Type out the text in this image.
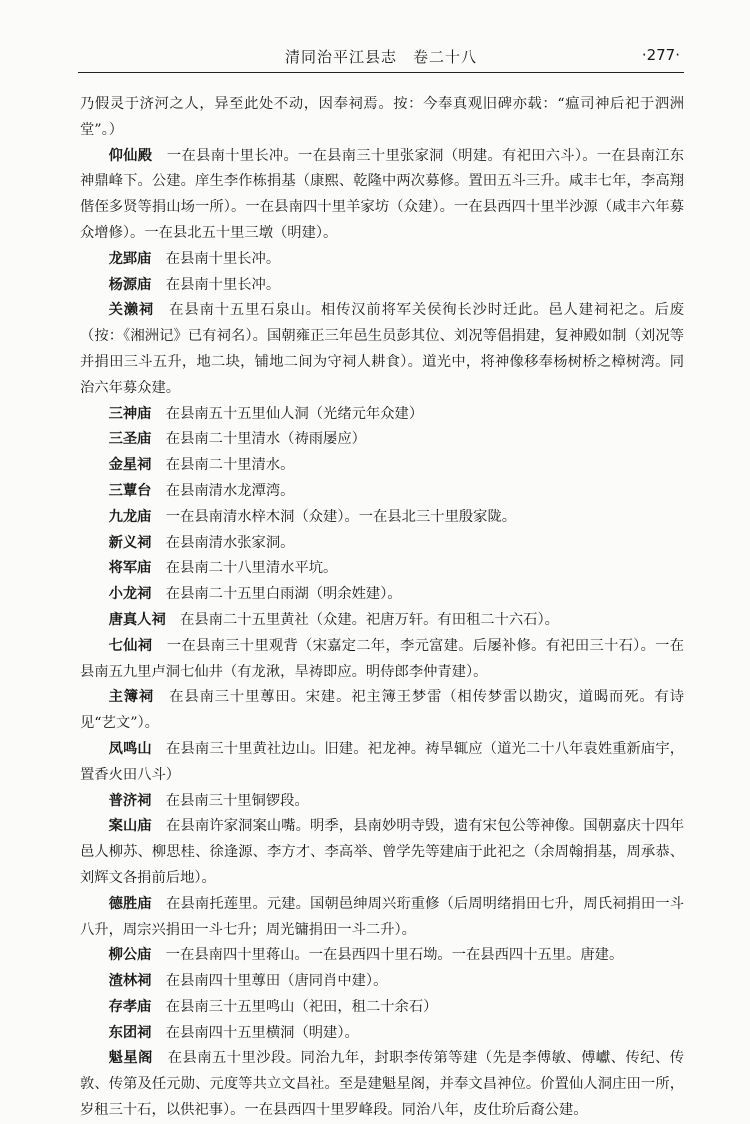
清同治平江县志　卷二十八	·277·

乃假灵于济河之人，异至此处不动，因奉祠焉。按：今奉真观旧碑亦载：“瘟司神后祀于泗洲堂”。）

仰仙殿　 一在县南十里长冲。一在县南三十里张家洞（明建。有祀田六斗）。一在县南江东神鼎峰下。公建。庠生李作栋捐基（康熙、乾隆中两次募修。置田五斗三升。咸丰七年，李高翔偕侄多贤等捐山场一所）。一在县南四十里羊家坊（众建）。一在县西四十里半沙源（咸丰六年募众增修）。一在县北五十里三墩（明建）。

龙郢庙　 在县南十里长冲。

杨源庙　 在县南十里长冲。

关濑祠　 在县南十五里石泉山。相传汉前将军关侯徇长沙时迁此。邑人建祠祀之。后废（按：《湘洲记》已有祠名）。国朝雍正三年邑生员彭其位、刘况等倡捐建，复神殿如制（刘况等并捐田三斗五升，地二块，铺地二间为守祠人耕食）。道光中，将神像移奉杨树桥之樟树湾。同治六年募众建。

三神庙　 在县南五十五里仙人洞（光绪元年众建）

三圣庙　 在县南二十里清水（祷雨屡应）

金星祠　 在县南二十里清水。

三蕈台　 在县南清水龙潭湾。

九龙庙　 一在县南清水梓木洞（众建）。一在县北三十里殷家陇。

新义祠　 在县南清水张家洞。

将军庙　 在县南二十八里清水平坑。

小龙祠　 在县南二十五里白雨湖（明余姓建）。

唐真人祠　 在县南二十五里黄社（众建。祀唐万轩。有田租二十六石）。

七仙祠　 一在县南三十里观背（宋嘉定二年，李元富建。后屡补修。有祀田三十石）。一在县南五九里卢洞七仙井（有龙湫，旱祷即应。明侍郎李仲青建）。

主簿祠　 在县南三十里蓴田。宋建。祀主簿王梦雷（相传梦雷以勘灾，道暍而死。有诗见“艺文”）。

凤鸣山　 在县南三十里黄社边山。旧建。祀龙神。祷旱辄应（道光二十八年袁姓重新庙宇，置香火田八斗）

普济祠　 在县南三十里铜锣段。

案山庙　 在县南许家洞案山嘴。明季，县南妙明寺毁，遗有宋包公等神像。国朝嘉庆十四年邑人柳苏、柳思桂、徐逢源、李方才、李高举、曾学先等建庙于此祀之（余周翰捐基，周承恭、刘辉文各捐前后地）。

德胜庙　 在县南托莲里。元建。国朝邑绅周兴珩重修（后周明绪捐田七升，周氏祠捐田一斗八升，周宗兴捐田一斗七升；周光镛捐田一斗二升）。

柳公庙　 一在县南四十里蒋山。一在县西四十里石坳。一在县西四十五里。唐建。

渣林祠　 在县南四十里蓴田（唐同肖中建）。

存孝庙　 在县南三十五里鸣山（祀田，租二十余石）

东团祠　 在县南四十五里横洞（明建）。

魁星阁　 在县南五十里沙段。同治九年，封职李传第等建（先是李傅敏、傅巘、传纪、传敦、传第及任元勋、元度等共立文昌社。至是建魁星阁，并奉文昌神位。价置仙人洞庄田一所，岁租三十石，以供祀事）。一在县西四十里罗峰段。同治八年，皮仕玠后裔公建。
